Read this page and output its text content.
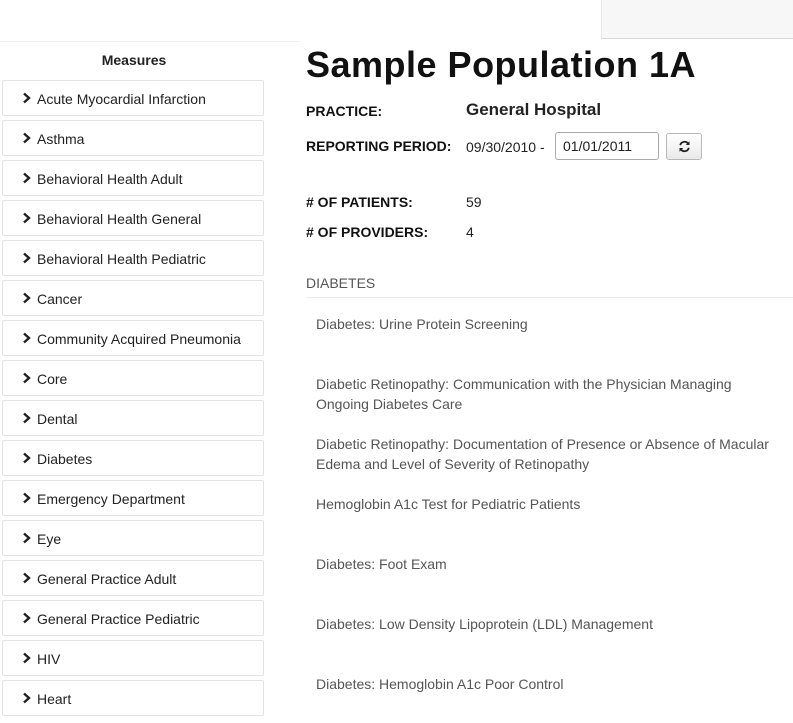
Measures
Acute Myocardial Infarction
Asthma
Behavioral Health Adult
Behavioral Health General
Behavioral Health Pediatric
Cancer
Community Acquired Pneumonia
Core
Dental
Diabetes
Emergency Department
Eye
General Practice Adult
General Practice Pediatric
HIV
Heart
Sample Population 1A
PRACTICE:	General Hospital
REPORTING PERIOD: 09/30/2010 -
01/01/2011
# OF PATIENTS:	59
# OF PROVIDERS:	4
DIABETES
Diabetes: Urine Protein Screening
Diabetic Retinopathy: Communication with the Physician Managing Ongoing Diabetes Care
Diabetic Retinopathy: Documentation of Presence or Absence of Macular Edema and Level of Severity of Retinopathy
Hemoglobin A1c Test for Pediatric Patients
Diabetes: Foot Exam
Diabetes: Low Density Lipoprotein (LDL) Management
Diabetes: Hemoglobin A1c Poor Control
